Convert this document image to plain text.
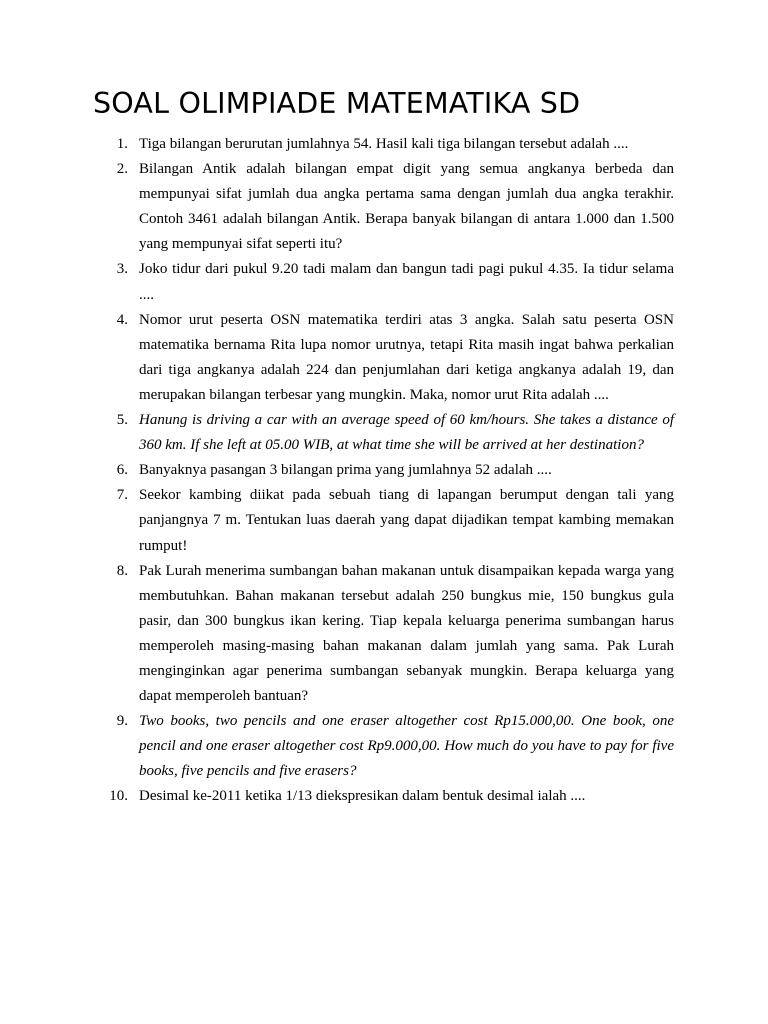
SOAL OLIMPIADE MATEMATIKA SD
1. Tiga bilangan berurutan jumlahnya 54. Hasil kali tiga bilangan tersebut adalah ....
2. Bilangan Antik adalah bilangan empat digit yang semua angkanya berbeda dan mempunyai sifat jumlah dua angka pertama sama dengan jumlah dua angka terakhir. Contoh 3461 adalah bilangan Antik. Berapa banyak bilangan di antara 1.000 dan 1.500 yang mempunyai sifat seperti itu?
3. Joko tidur dari pukul 9.20 tadi malam dan bangun tadi pagi pukul 4.35. Ia tidur selama ....
4. Nomor urut peserta OSN matematika terdiri atas 3 angka. Salah satu peserta OSN matematika bernama Rita lupa nomor urutnya, tetapi Rita masih ingat bahwa perkalian dari tiga angkanya adalah 224 dan penjumlahan dari ketiga angkanya adalah 19, dan merupakan bilangan terbesar yang mungkin. Maka, nomor urut Rita adalah ....
5. Hanung is driving a car with an average speed of 60 km/hours. She takes a distance of 360 km. If she left at 05.00 WIB, at what time she will be arrived at her destination?
6. Banyaknya pasangan 3 bilangan prima yang jumlahnya 52 adalah ....
7. Seekor kambing diikat pada sebuah tiang di lapangan berumput dengan tali yang panjangnya 7 m. Tentukan luas daerah yang dapat dijadikan tempat kambing memakan rumput!
8. Pak Lurah menerima sumbangan bahan makanan untuk disampaikan kepada warga yang membutuhkan. Bahan makanan tersebut adalah 250 bungkus mie, 150 bungkus gula pasir, dan 300 bungkus ikan kering. Tiap kepala keluarga penerima sumbangan harus memperoleh masing-masing bahan makanan dalam jumlah yang sama. Pak Lurah menginginkan agar penerima sumbangan sebanyak mungkin. Berapa keluarga yang dapat memperoleh bantuan?
9. Two books, two pencils and one eraser altogether cost Rp15.000,00. One book, one pencil and one eraser altogether cost Rp9.000,00. How much do you have to pay for five books, five pencils and five erasers?
10. Desimal ke-2011 ketika 1/13 diekspresikan dalam bentuk desimal ialah ....
